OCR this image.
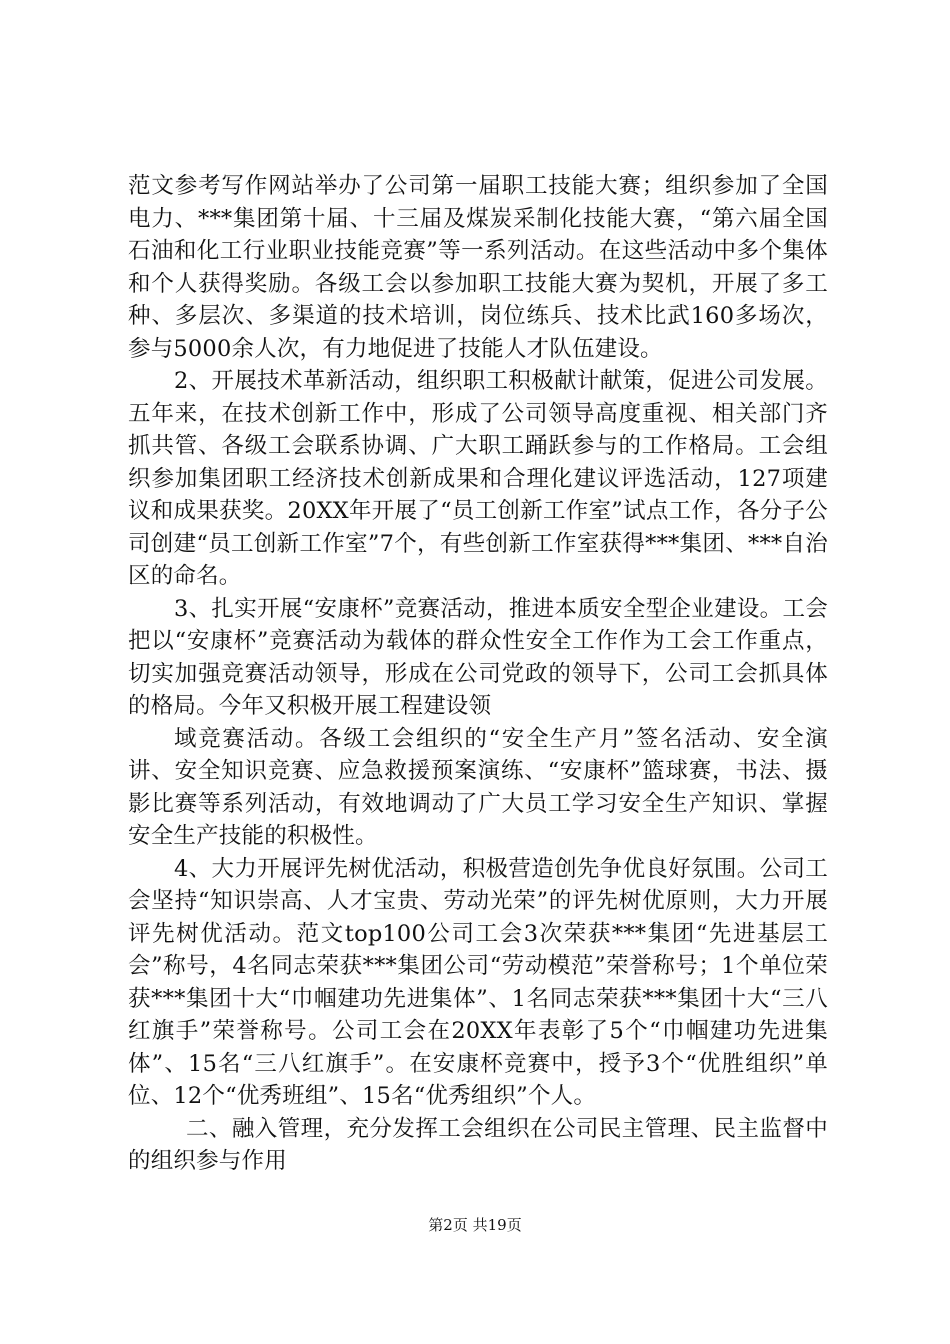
范文参考写作网站举办了公司第一届职工技能大赛；组织参加了全国电力、***集团第十届、十三届及煤炭采制化技能大赛，“第六届全国石油和化工行业职业技能竞赛”等一系列活动。在这些活动中多个集体和个人获得奖励。各级工会以参加职工技能大赛为契机，开展了多工种、多层次、多渠道的技术培训，岗位练兵、技术比武160多场次，参与5000余人次，有力地促进了技能人才队伍建设。

2、开展技术革新活动，组织职工积极献计献策，促进公司发展。五年来，在技术创新工作中，形成了公司领导高度重视、相关部门齐抓共管、各级工会联系协调、广大职工踊跃参与的工作格局。工会组织参加集团职工经济技术创新成果和合理化建议评选活动，127项建议和成果获奖。20XX年开展了“员工创新工作室”试点工作，各分子公司创建“员工创新工作室”7个，有些创新工作室获得***集团、***自治区的命名。

3、扎实开展“安康杯”竞赛活动，推进本质安全型企业建设。工会把以“安康杯”竞赛活动为载体的群众性安全工作作为工会工作重点，切实加强竞赛活动领导，形成在公司党政的领导下，公司工会抓具体的格局。今年又积极开展工程建设领

域竞赛活动。各级工会组织的“安全生产月”签名活动、安全演讲、安全知识竞赛、应急救援预案演练、“安康杯”篮球赛，书法、摄影比赛等系列活动，有效地调动了广大员工学习安全生产知识、掌握安全生产技能的积极性。

4、大力开展评先树优活动，积极营造创先争优良好氛围。公司工会坚持“知识崇高、人才宝贵、劳动光荣”的评先树优原则，大力开展评先树优活动。范文top100公司工会3次荣获***集团“先进基层工会”称号，4名同志荣获***集团公司“劳动模范”荣誉称号；1个单位荣获***集团十大“巾帼建功先进集体”、1名同志荣获***集团十大“三八红旗手”荣誉称号。公司工会在20XX年表彰了5个“巾帼建功先进集体”、15名“三八红旗手”。在安康杯竞赛中，授予3个“优胜组织”单位、12个“优秀班组”、15名“优秀组织”个人。

二、融入管理，充分发挥工会组织在公司民主管理、民主监督中的组织参与作用

第2页 共19页
